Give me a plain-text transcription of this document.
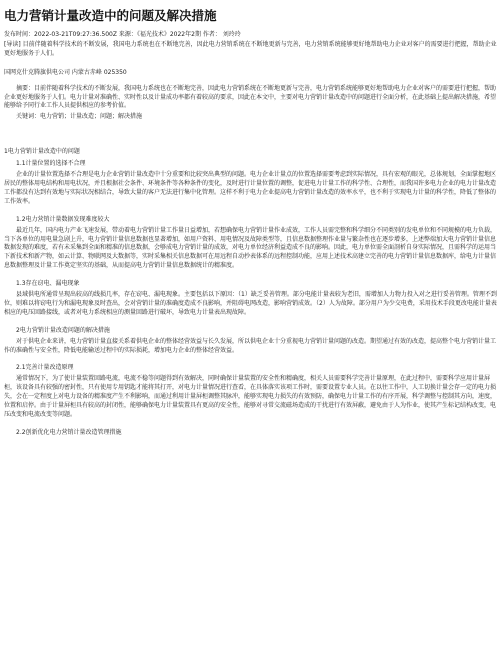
电力营销计量改造中的问题及解决措施

发布时间：2022-03-21T09:27:36.500Z 来源：《福光技术》2022年2期 作者： 刘玲玲

[导读] 目前伴随着科学技术的不断发展，我国电力系统也在不断地完善，因此电力营销系统在不断地更新与完善，电力营销系统能够更好地帮助电力企业对客户的需要进行把握，帮助企业更好地服务于人们。

国网克什克腾旗供电公司 内蒙古赤峰 025350

摘要：目前伴随着科学技术的不断发展，我国电力系统也在不断地完善，因此电力营销系统在不断地更新与完善，电力营销系统能够更好地帮助电力企业对客户的需要进行把握，帮助企业更好地服务于人们。电力计量对准确性、实时性以及计量成功率都有着较高的要求，因此在本文中，主要对电力营销计量改造中的问题进行全面分析，在此基础上提出解决措施，希望能够给予同行业工作人员提供相应的参考价值。

关键词：电力营销；计量改造；问题；解决措施

1电力营销计量改造中的问题

1.1计量位置的选择不合理

企业的计量位置选择不合理是电力企业营销计量改造中十分重要和比较突出典型的问题。电力企业计量点的位置选择需要考虑到实际情况，具有宏观的眼光，总体规划，全面掌握地区居民的整体用电结构和用电状况，并且根据社会条件、环境条件等各种条件的变化，及时进行计量位置的调整，促进电力计量工作的科学性、合理性，而我国许多电力企业的电力计量改造工作都没有达到有效地与实际状况相结合，导致大量的客户无法进行集中化管理。这样不利于电力企业提高电力营销计量改造的效率水平，也不利于实现电力计量的科学性，降低了整体的工作效率。

1.2电力营销计量数据发现难度较大

最近几年，国内电力产业飞速发展，带动着电力营销计量工作量日益增加，若想确保电力营销计量作业成效，工作人员需完整和科学细分不同类别的发电单位和不同规模的电力负载，当下各单位的用电量急剧上升，电力营销计量信息数据也显著增加，如用户资料、用电情况及故障类型等，且信息数据整理作业量与繁杂性也在逐步增多，上述弊端加大电力营销计量信息数据发现的难度，若有未采集到全面和精准的信息数据，会够成电力营销计量的成效，对电力单位经济利益造成不良的影响。因此，电力单位需全面剖析自身实际情况，且需科学的运用当下新技术和新产物，如云计算、物联网及大数据等，实时采集相关信息数据可在用远程自动抄表体系的远程控制功能，应用上述技术高建立完善的电力营销计量信息数据库，给电力计量信息数据整理及计量工作奠定坚实的基础，从而提高电力营销计量信息数据统计的精准度。

1.3存在窃电、漏电现象

县域供电所通常呈现出较高的线损几率，存在窃电、漏电现象。主要包括以下原因：（1）缺乏妥善管理。部分电能计量表较为老旧，需增加人力物力投入对之进行妥善管理。管理不到位，则难以将窃电行为和漏电现象及时查出，会对营销计量的准确度造成不良影响，并阻碍电网改造，影响营销成效。（2）人为故障。部分用户为少交电费，采用技术手段更改电能计量表相应的电压回路接线，或者对电力系统相应的测量回路进行破坏，导致电力计量表出现故障。

2电力营销计量改造问题的解决措施

对于供电企业来讲，电力营销计量直接关系着供电企业的整体经营效益与长久发展，所以供电企业十分重视电力营销计量问题的改造。期望通过有效的改造，提高整个电力营销计量工作的准确性与安全性，降低电能输送过程中的实际损耗，增加电力企业的整体经营效益。

2.1完善计量改造原理

通常情况下，为了使计量装置回路电流，电流不稳等问题得到有效解决，同时确保计量装置的安全性和精确度，相关人员需要科学完善计量原理，在此过程中，需要科学应用计量屏柜，该设备具有较强的密封性，只有使用专用钥匙才能将其打开，对电力计量情况进行查看，在具体落实该项工作时，需要设置专业人员。在以往工作中，人工切换计量会存一定的电力损失，会在一定程度上对电力设备的精准度产生不利影响，而通过利用计量屏柜调整其脉冲，能够实现电力损失的有效预防，确保电力计量工作的有序开展，科学调整与控制其方向，速度，位置和启停。由于计量屏柜具有较高的封闭性，能够确保电力计量装置具有更高的安全性，能够对寻常交流磁场造成的干扰进行有效屏蔽，避免由于人为作业，使其产生标记结构改变，电压改变和电流改变等问题。

2.2创新优化电力营销计量改造管理措施
